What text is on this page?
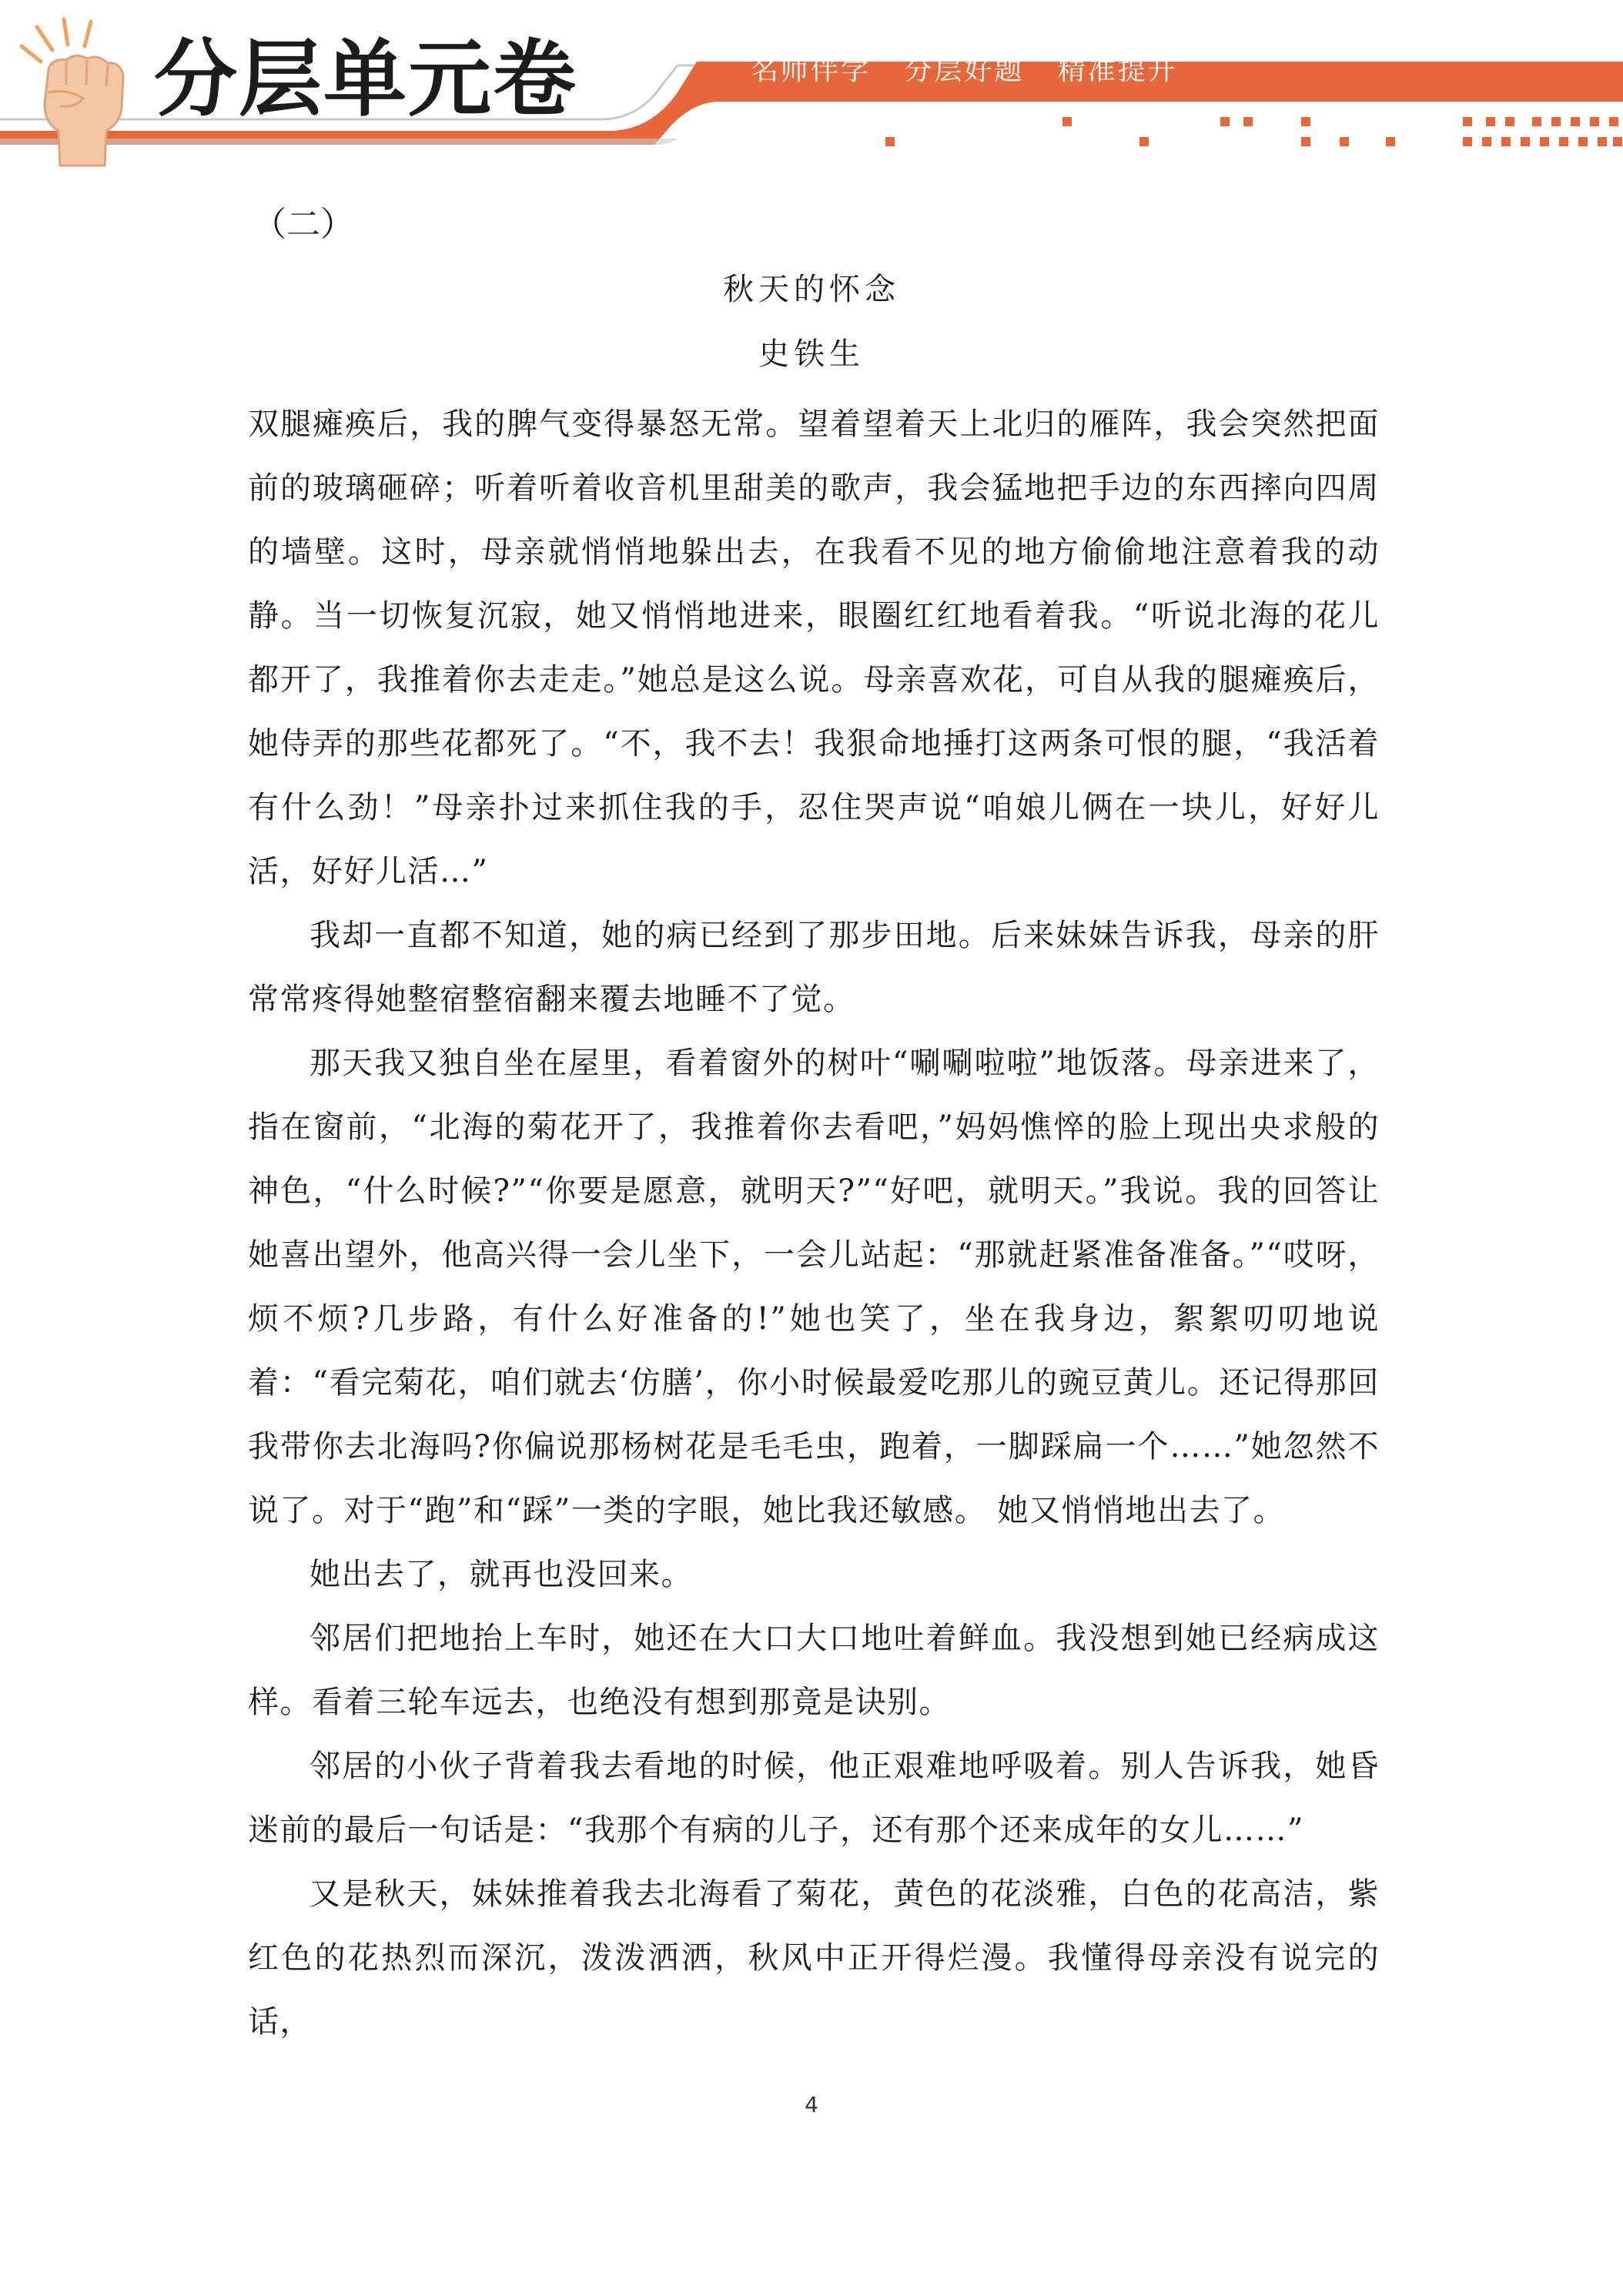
分层单元卷	名师伴学   分层好题   精准提升
（二）
秋天的怀念
史铁生

双腿瘫痪后，我的脾气变得暴怒无常。望着望着天上北归的雁阵，我会突然把面前的玻璃砸碎；听着听着收音机里甜美的歌声，我会猛地把手边的东西摔向四周的墙壁。这时，母亲就悄悄地躲出去，在我看不见的地方偷偷地注意着我的动静。当一切恢复沉寂，她又悄悄地进来，眼圈红红地看着我。“听说北海的花儿都开了，我推着你去走走。”她总是这么说。母亲喜欢花，可自从我的腿瘫痪后，她侍弄的那些花都死了。“不，我不去！我狠命地捶打这两条可恨的腿，“我活着有什么劲！”母亲扑过来抓住我的手，忍住哭声说“咱娘儿俩在一块儿，好好儿活，好好儿活…”

我却一直都不知道，她的病已经到了那步田地。后来妹妹告诉我，母亲的肝常常疼得她整宿整宿翻来覆去地睡不了觉。

那天我又独自坐在屋里，看着窗外的树叶“唰唰啦啦”地饭落。母亲进来了，指在窗前，“北海的菊花开了，我推着你去看吧，”妈妈憔悴的脸上现出央求般的神色，“什么时候?”“你要是愿意，就明天?”“好吧，就明天。”我说。我的回答让她喜出望外，他高兴得一会儿坐下，一会儿站起：“那就赶紧准备准备。”“哎呀，烦不烦?几步路，有什么好准备的!”她也笑了，坐在我身边，絮絮叨叨地说着：“看完菊花，咱们就去‘仿膳’，你小时候最爱吃那儿的豌豆黄儿。还记得那回我带你去北海吗?你偏说那杨树花是毛毛虫，跑着，一脚踩扁一个……”她忽然不说了。对于“跑”和“踩”一类的字眼，她比我还敏感。 她又悄悄地出去了。

她出去了，就再也没回来。

邻居们把地抬上车时，她还在大口大口地吐着鲜血。我没想到她已经病成这样。看着三轮车远去，也绝没有想到那竟是诀别。

邻居的小伙子背着我去看地的时候，他正艰难地呼吸着。别人告诉我，她昏迷前的最后一句话是：“我那个有病的儿子，还有那个还来成年的女儿……”

又是秋天，妹妹推着我去北海看了菊花，黄色的花淡雅，白色的花高洁，紫红色的花热烈而深沉，泼泼洒洒，秋风中正开得烂漫。我懂得母亲没有说完的话，

4
